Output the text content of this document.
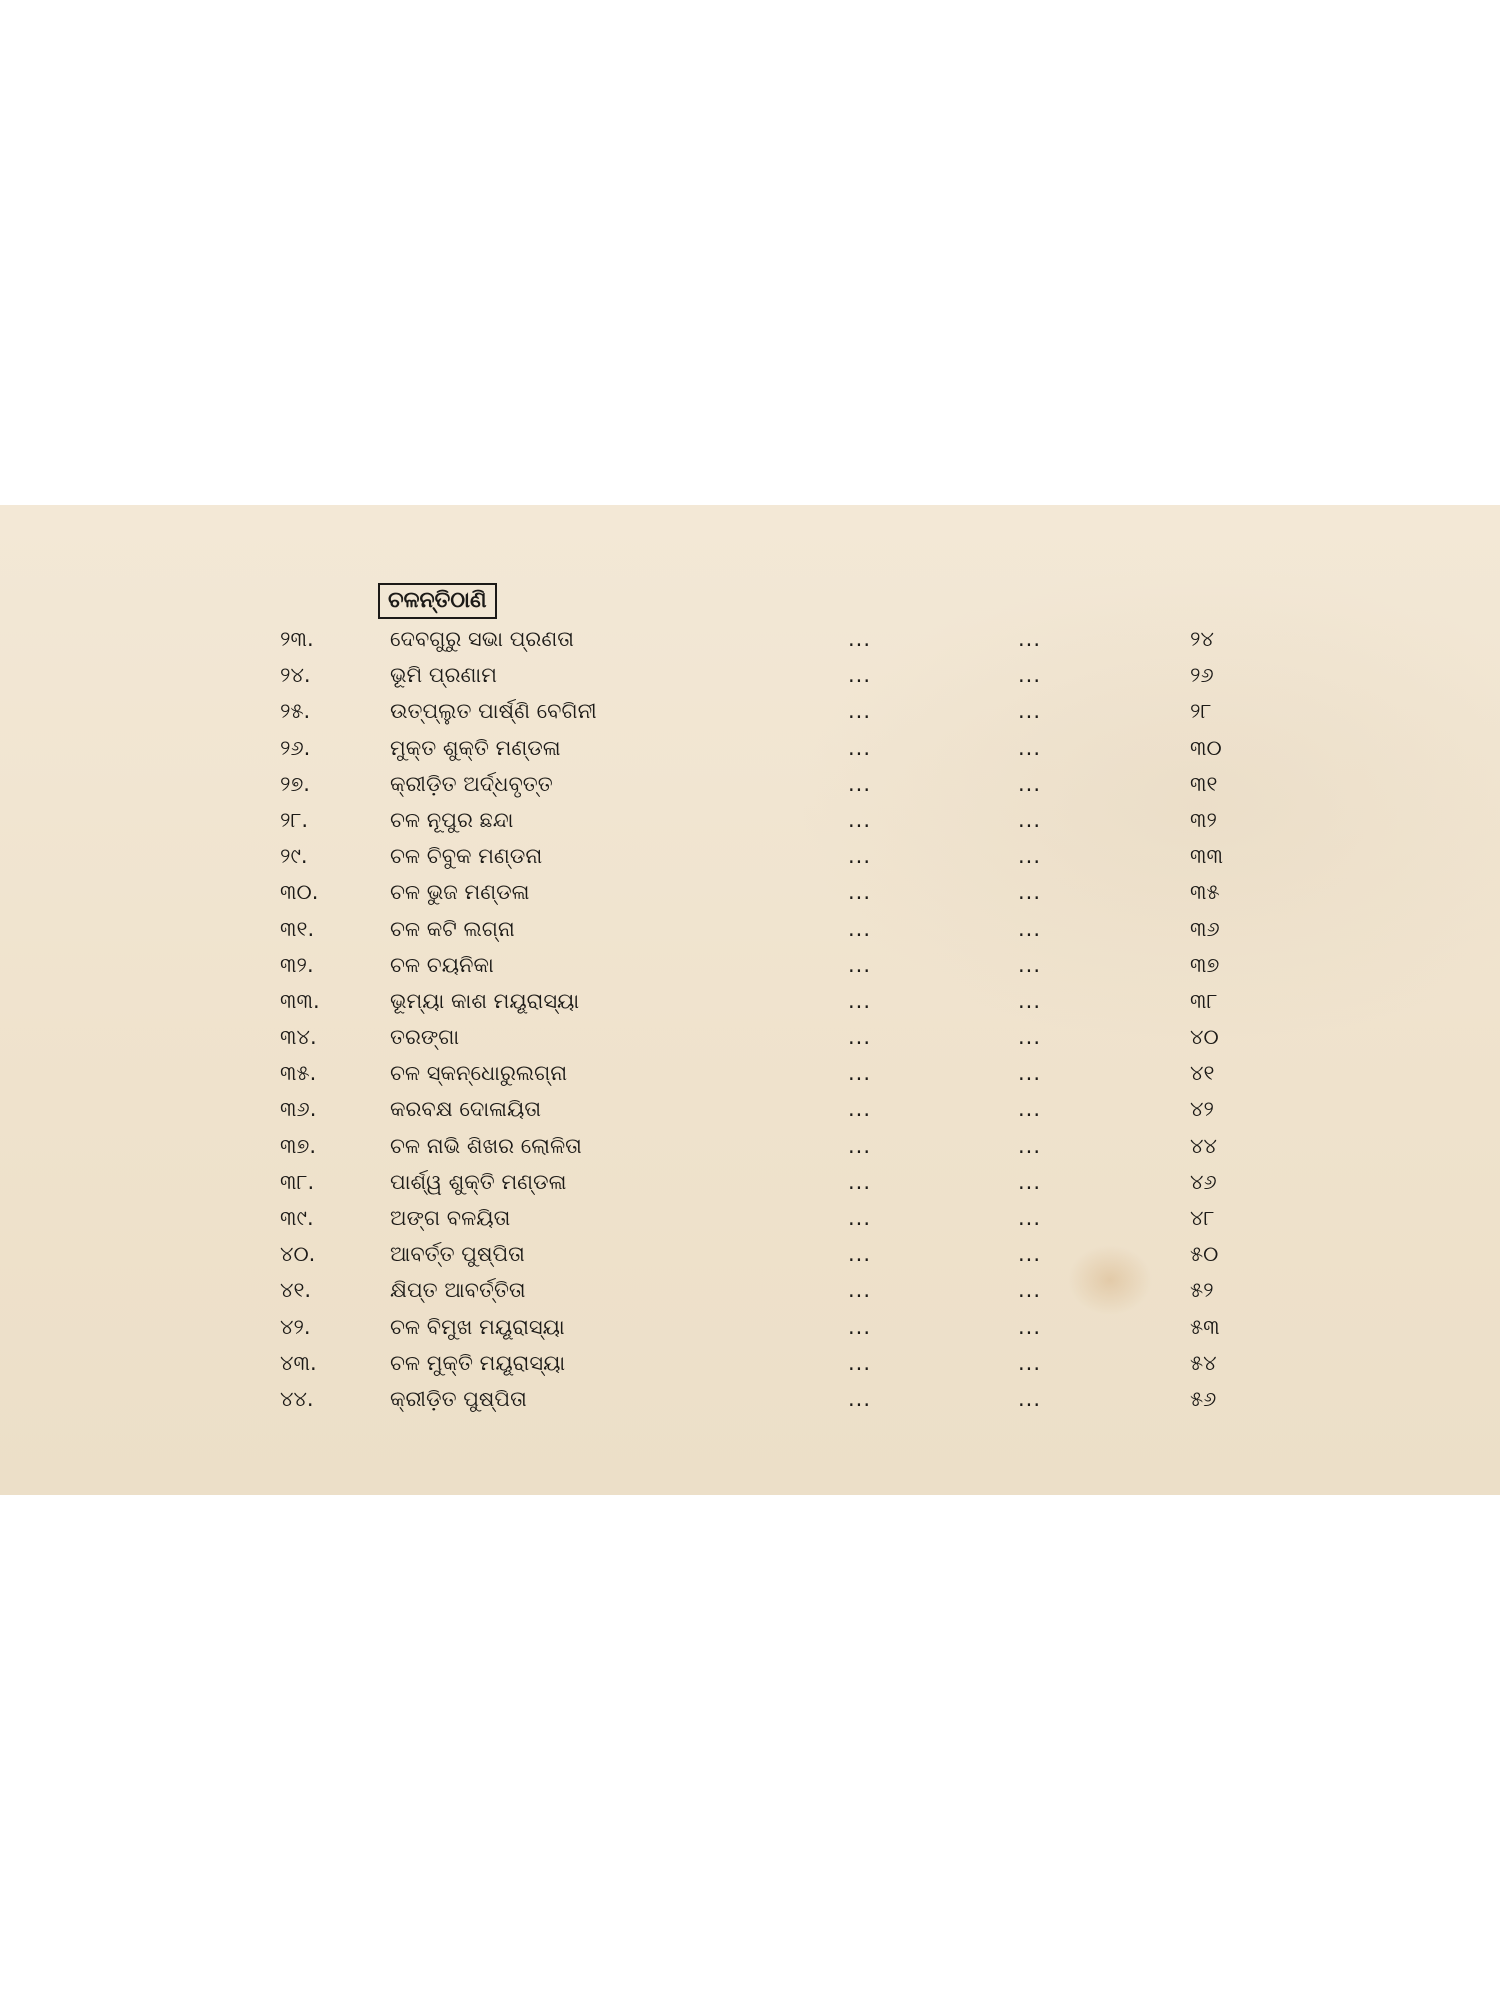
ଚଳନ୍ତିଠାଣି
୨୩.	ଦେବଗୁରୁ ସଭା ପ୍ରଣତା	...	...	୨୪
୨୪.	ଭୂମି ପ୍ରଣାମ	...	...	୨୬
୨୫.	ଉତ୍‌ପ୍ଲୁତ ପାର୍ଷ୍ଣି ବେଗିନୀ	...	...	୨୮
୨୬.	ମୁକ୍ତ ଶୁକ୍ତି ମଣ୍ଡଳା	...	...	୩୦
୨୭.	କ୍ରୀଡ଼ିତ ଅର୍ଦ୍ଧବୃତ୍ତ	...	...	୩୧
୨୮.	ଚଳ ନୂପୁର ଛନ୍ଦା	...	...	୩୨
୨୯.	ଚଳ ଚିବୁକ ମଣ୍ଡନା	...	...	୩୩
୩୦.	ଚଳ ଭୁଜ ମଣ୍ଡଳା	...	...	୩୫
୩୧.	ଚଳ କଟି ଲଗ୍ନା	...	...	୩୬
୩୨.	ଚଳ ଚୟନିକା	...	...	୩୭
୩୩.	ଭୂମ୍ୟା କାଶ ମୟୂରାସ୍ୟା	...	...	୩୮
୩୪.	ତରଙ୍ଗା	...	...	୪୦
୩୫.	ଚଳ ସ୍କନ୍ଧୋରୁଲଗ୍ନା	...	...	୪୧
୩୬.	କରବକ୍ଷ ଦୋଳାୟିତା	...	...	୪୨
୩୭.	ଚଳ ନାଭି ଶିଖର ଲୋଳିତା	...	...	୪୪
୩୮.	ପାର୍ଶ୍ୱ ଶୁକ୍ତି ମଣ୍ଡଳା	...	...	୪୬
୩୯.	ଅଙ୍ଗ ବଳୟିତା	...	...	୪୮
୪୦.	ଆବର୍ତ୍ତ ପୁଷ୍ପିତା	...	...	୫୦
୪୧.	କ୍ଷିପ୍ତ ଆବର୍ତ୍ତିତା	...	...	୫୨
୪୨.	ଚଳ ବିମୁଖ ମୟୂରାସ୍ୟା	...	...	୫୩
୪୩.	ଚଳ ମୁକ୍ତି ମୟୂରାସ୍ୟା	...	...	୫୪
୪୪.	କ୍ରୀଡ଼ିତ ପୁଷ୍ପିତା	...	...	୫୬
